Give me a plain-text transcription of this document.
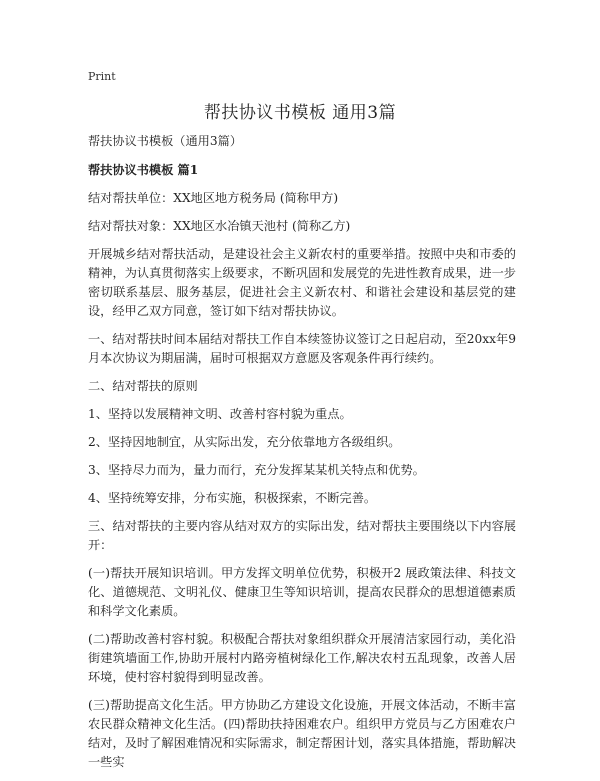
Print
帮扶协议书模板 通用3篇

帮扶协议书模板（通用3篇）

帮扶协议书模板 篇1

结对帮扶单位：XX地区地方税务局 (简称甲方)

结对帮扶对象：XX地区水冶镇天池村 (简称乙方)

开展城乡结对帮扶活动，是建设社会主义新农村的重要举措。按照中央和市委的精神，为认真贯彻落实上级要求，不断巩固和发展党的先进性教育成果，进一步密切联系基层、服务基层，促进社会主义新农村、和谐社会建设和基层党的建设，经甲乙双方同意，签订如下结对帮扶协议。

一、结对帮扶时间本届结对帮扶工作自本续签协议签订之日起启动，至20xx年9月本次协议为期届满，届时可根据双方意愿及客观条件再行续约。

二、结对帮扶的原则

1、坚持以发展精神文明、改善村容村貌为重点。

2、坚持因地制宜，从实际出发，充分依靠地方各级组织。

3、坚持尽力而为，量力而行，充分发挥某某机关特点和优势。

4、坚持统筹安排，分布实施，积极探索，不断完善。

三、结对帮扶的主要内容从结对双方的实际出发，结对帮扶主要围绕以下内容展开：

(一)帮扶开展知识培训。甲方发挥文明单位优势，积极开2 展政策法律、科技文化、道德规范、文明礼仪、健康卫生等知识培训，提高农民群众的思想道德素质和科学文化素质。

(二)帮助改善村容村貌。积极配合帮扶对象组织群众开展清洁家园行动，美化沿街建筑墙面工作,协助开展村内路旁植树绿化工作,解决农村五乱现象，改善人居环境，使村容村貌得到明显改善。

(三)帮助提高文化生活。甲方协助乙方建设文化设施，开展文体活动，不断丰富农民群众精神文化生活。(四)帮助扶持困难农户。组织甲方党员与乙方困难农户结对，及时了解困难情况和实际需求，制定帮困计划，落实具体措施，帮助解决一些实
